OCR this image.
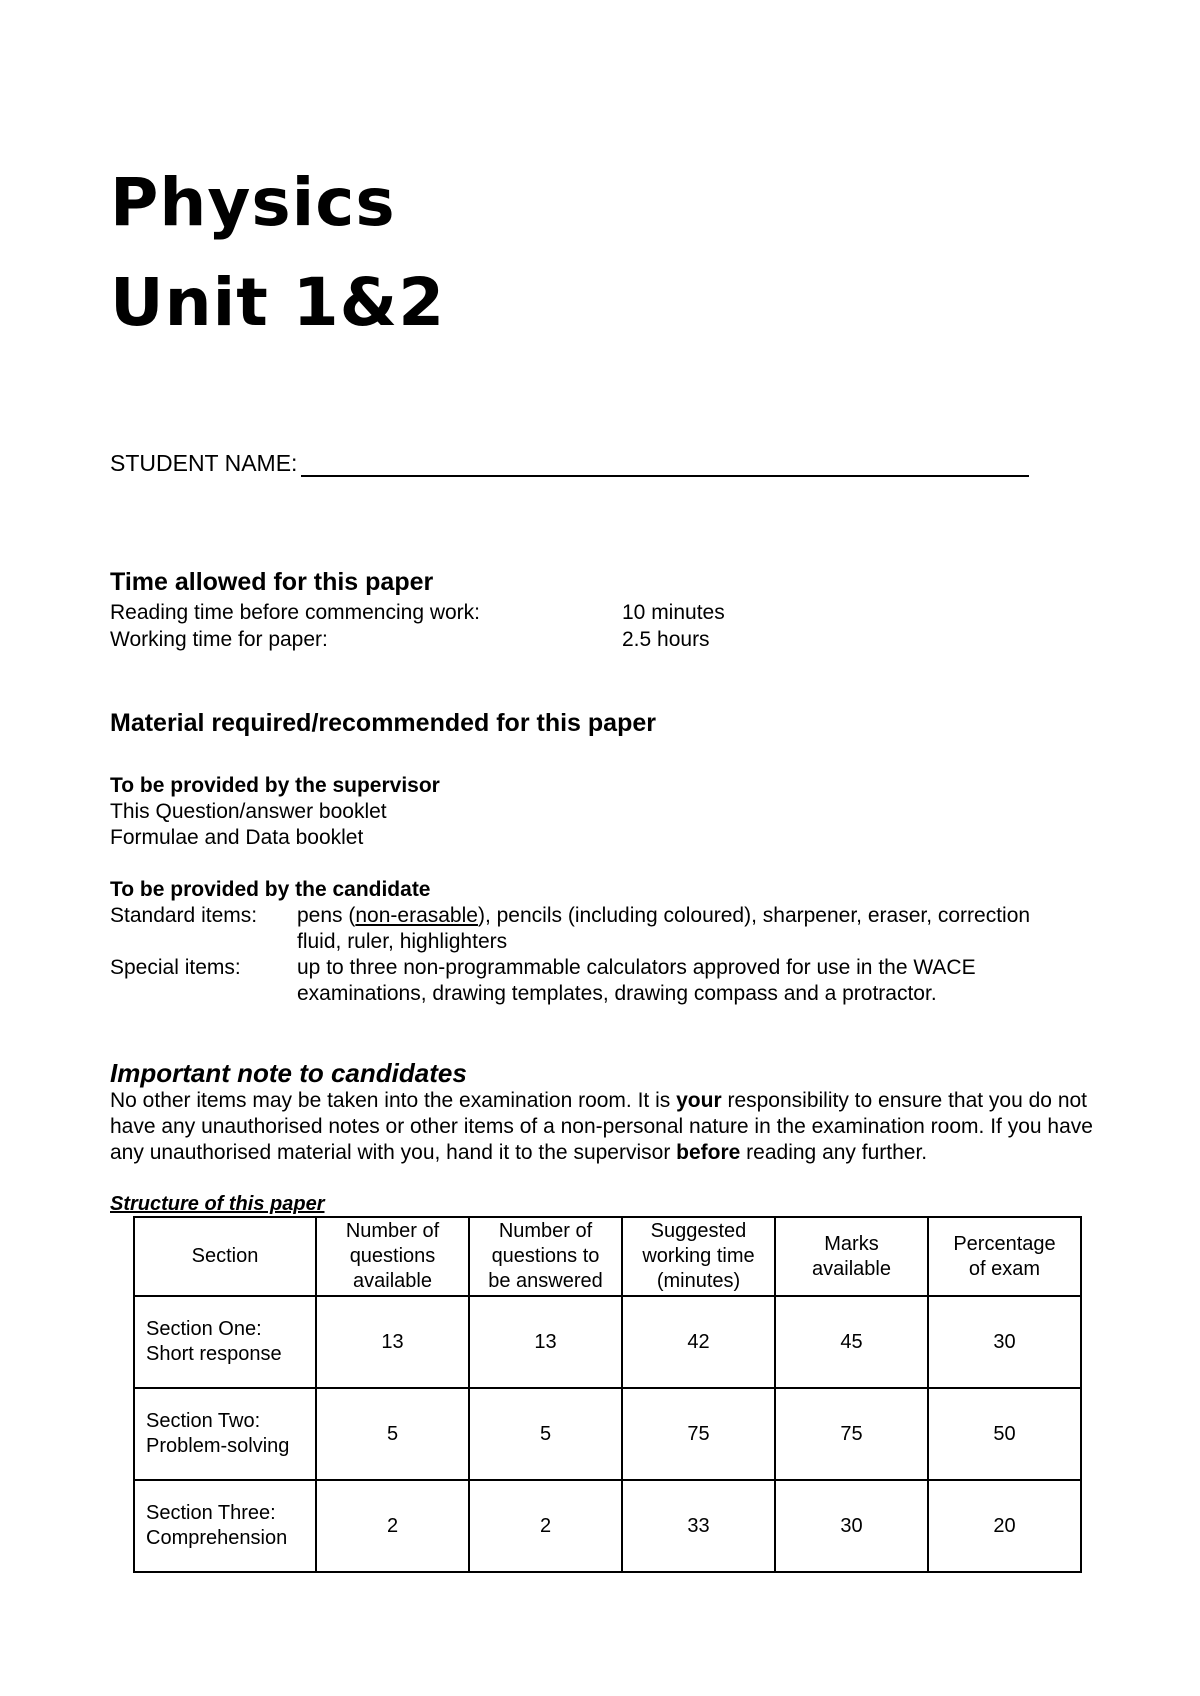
Physics
Unit 1&2
STUDENT NAME:
Time allowed for this paper
Reading time before commencing work:	10 minutes
Working time for paper:	2.5 hours
Material required/recommended for this paper
To be provided by the supervisor
This Question/answer booklet
Formulae and Data booklet
To be provided by the candidate
Standard items: pens (non-erasable), pencils (including coloured), sharpener, eraser, correction
fluid, ruler, highlighters
Special items:	up to three non-programmable calculators approved for use in the WACE
examinations, drawing templates, drawing compass and a protractor.
Important note to candidates
No other items may be taken into the examination room. It is your responsibility to ensure that you do not have any unauthorised notes or other items of a non-personal nature in the examination room. If you have any unauthorised material with you, hand it to the supervisor before reading any further.
Structure of this paper
Section	Number of
questions
available	Number of
questions to
be answered	Suggested
working time
(minutes)	Marks
available	Percentage
of exam
Section One:
Short response	13	13	42	45	30
Section Two:
Problem-solving	5	5	75	75	50
Section Three:
Comprehension	2	2	33	30	20
